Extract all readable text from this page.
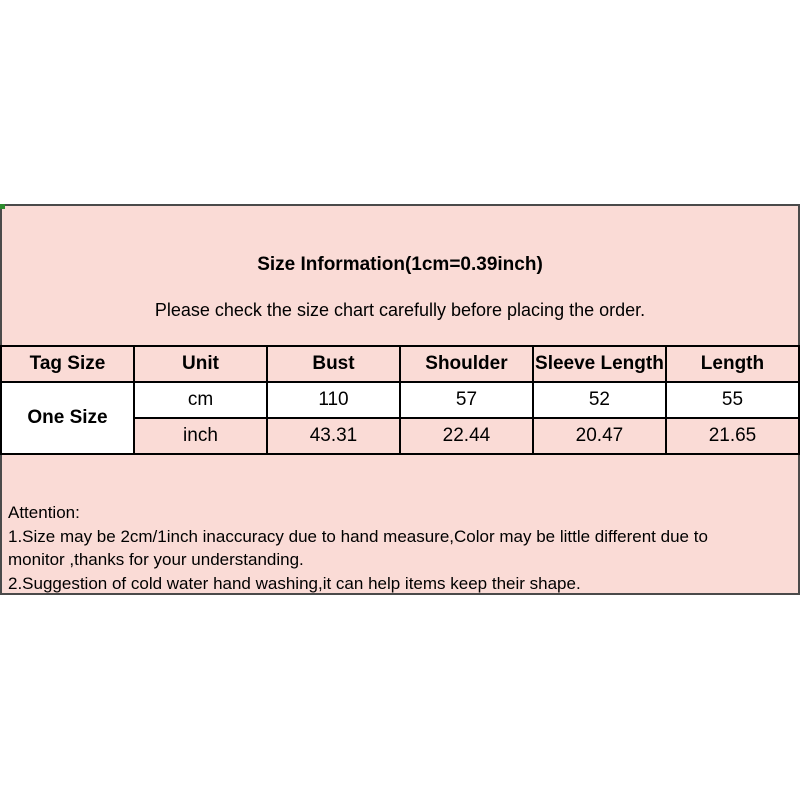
Size Information(1cm=0.39inch)
Please check the size chart carefully before placing the order.
Tag Size	Unit	Bust	Shoulder	Sleeve Length	Length
One Size	cm	110	57	52	55
	inch	43.31	22.44	20.47	21.65
Attention:
1.Size may be 2cm/1inch inaccuracy due to hand measure,Color may be little different due to
monitor ,thanks for your understanding.
2.Suggestion of cold water hand washing,it can help items keep their shape.
